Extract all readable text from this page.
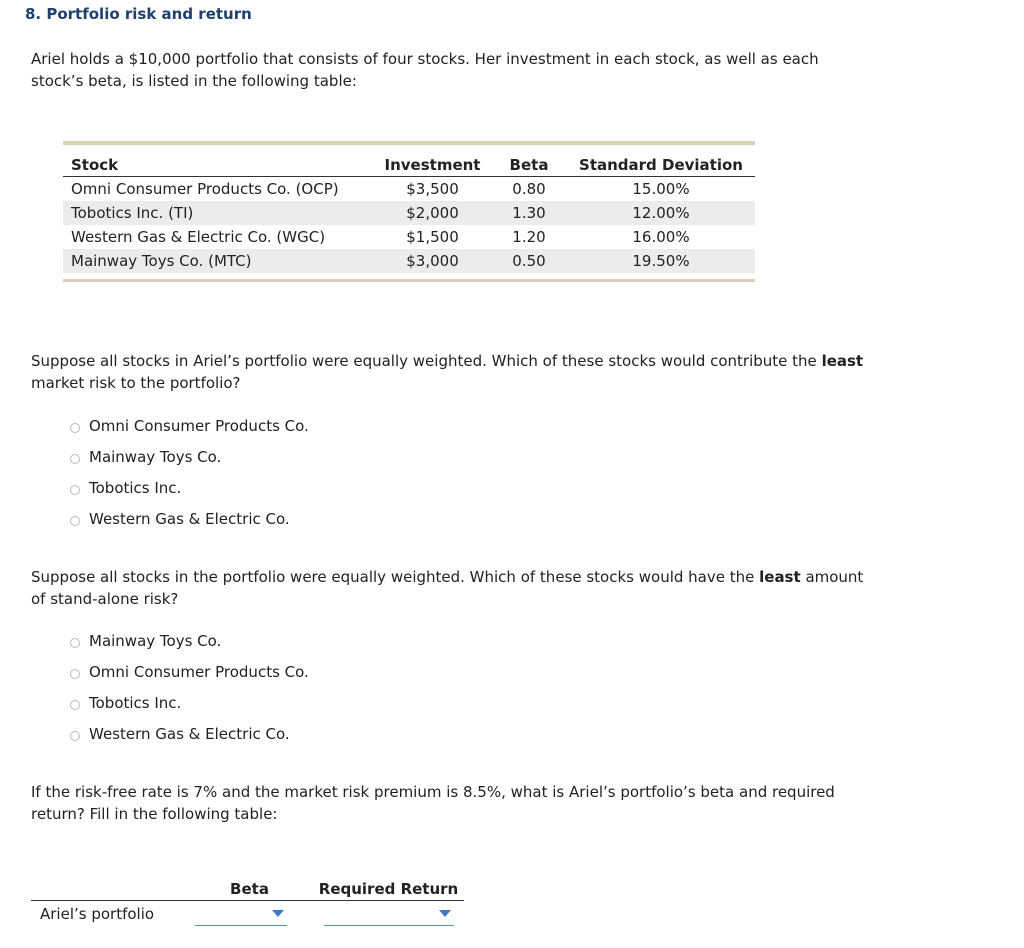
8. Portfolio risk and return
Ariel holds a $10,000 portfolio that consists of four stocks. Her investment in each stock, as well as each stock’s beta, is listed in the following table:
Stock	Investment	Beta	Standard Deviation
Omni Consumer Products Co. (OCP)	$3,500	0.80	15.00%
Tobotics Inc. (TI)	$2,000	1.30	12.00%
Western Gas & Electric Co. (WGC)	$1,500	1.20	16.00%
Mainway Toys Co. (MTC)	$3,000	0.50	19.50%
Suppose all stocks in Ariel’s portfolio were equally weighted. Which of these stocks would contribute the least market risk to the portfolio?
Omni Consumer Products Co.
Mainway Toys Co.
Tobotics Inc.
Western Gas & Electric Co.
Suppose all stocks in the portfolio were equally weighted. Which of these stocks would have the least amount of stand-alone risk?
Mainway Toys Co.
Omni Consumer Products Co.
Tobotics Inc.
Western Gas & Electric Co.
If the risk-free rate is 7% and the market risk premium is 8.5%, what is Ariel’s portfolio’s beta and required return? Fill in the following table:
Beta	Required Return
Ariel’s portfolio
